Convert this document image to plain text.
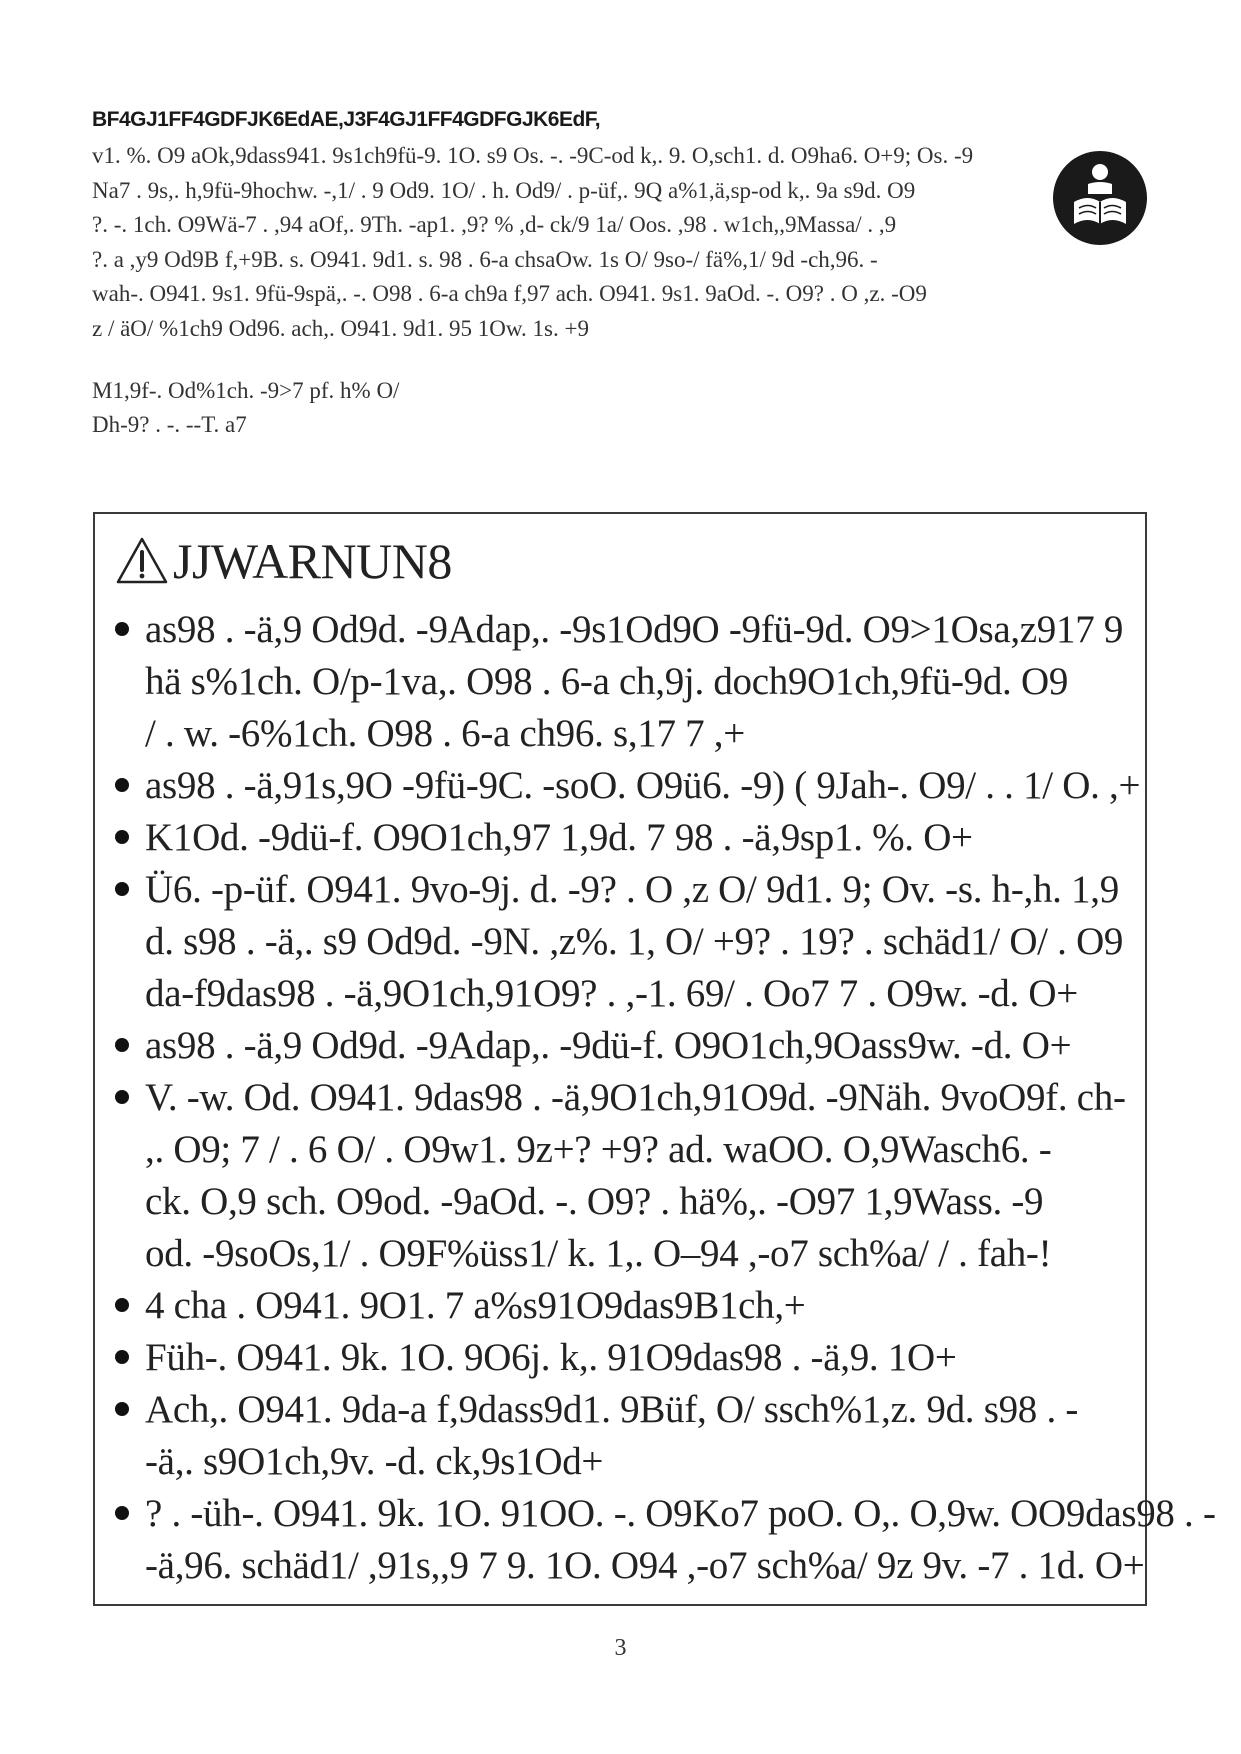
BF4GJ1FF4GDFJK6EdAE,J3F4GJ1FF4GDFGJK6EdF,
v1. %. O9 aOk,9dass941. 9s1ch9fü-9. 1O. s9 Os. -. -9C-od k,. 9. O,sch1. d. O9ha6. O+9; Os. -9
Na7 . 9s,. h,9fü-9hochw. -,1/ . 9 Od9. 1O/ . h. Od9/ . p-üf,. 9Q a%1,ä,sp-od k,. 9a s9d. O9
?. -. 1ch. O9Wä-7 . ,94 aOf,. 9Th. -ap1. ,9? % ,d- ck/9 1a/ Oos. ,98 . w1ch,,9Massa/ . ,9
?. a ,y9 Od9B f,+9B. s. O941. 9d1. s. 98 . 6-a chsaOw. 1s O/ 9so-/ fä%,1/ 9d -ch,96. -
wah-. O941. 9s1. 9fü-9spä,. -. O98 . 6-a ch9a f,97 ach. O941. 9s1. 9aOd. -. O9? . O ,z. -O9
z / äO/ %1ch9 Od96. ach,. O941. 9d1. 95 1Ow. 1s. +9
M1,9f-. Od%1ch. -9>7 pf. h% O/
Dh-9? . -. --T. a7
JJWARNUN8
as98 . -ä,9 Od9d. -9Adap,. -9s1Od9O -9fü-9d. O9>1Osa,z917 9
hä s%1ch. O/p-1va,. O98 . 6-a ch,9j. doch9O1ch,9fü-9d. O9
/ . w. -6%1ch. O98 . 6-a ch96. s,17 7 ,+
as98 . -ä,91s,9O -9fü-9C. -soO. O9ü6. -9) ( 9Jah-. O9/ . . 1/ O. ,+
K1Od. -9dü-f. O9O1ch,97 1,9d. 7 98 . -ä,9sp1. %. O+
Ü6. -p-üf. O941. 9vo-9j. d. -9? . O ,z O/ 9d1. 9; Ov. -s. h-,h. 1,9
d. s98 . -ä,. s9 Od9d. -9N. ,z%. 1, O/ +9? . 19? . schäd1/ O/ . O9
da-f9das98 . -ä,9O1ch,91O9? . ,-1. 69/ . Oo7 7 . O9w. -d. O+
as98 . -ä,9 Od9d. -9Adap,. -9dü-f. O9O1ch,9Oass9w. -d. O+
V. -w. Od. O941. 9das98 . -ä,9O1ch,91O9d. -9Näh. 9voO9f. ch-
,. O9; 7 / . 6 O/ . O9w1. 9z+? +9? ad. waOO. O,9Wasch6. -
ck. O,9 sch. O9od. -9aOd. -. O9? . hä%,. -O97 1,9Wass. -9
od. -9soOs,1/ . O9F%üss1/ k. 1,. O–94 ,-o7 sch%a/ / . fah-!
4 cha . O941. 9O1. 7 a%s91O9das9B1ch,+
Füh-. O941. 9k. 1O. 9O6j. k,. 91O9das98 . -ä,9. 1O+
Ach,. O941. 9da-a f,9dass9d1. 9Büf, O/ ssch%1,z. 9d. s98 . -
-ä,. s9O1ch,9v. -d. ck,9s1Od+
? . -üh-. O941. 9k. 1O. 91OO. -. O9Ko7 poO. O,. O,9w. OO9das98 . -
-ä,96. schäd1/ ,91s,,9 7 9. 1O. O94 ,-o7 sch%a/ 9z 9v. -7 . 1d. O+
3
